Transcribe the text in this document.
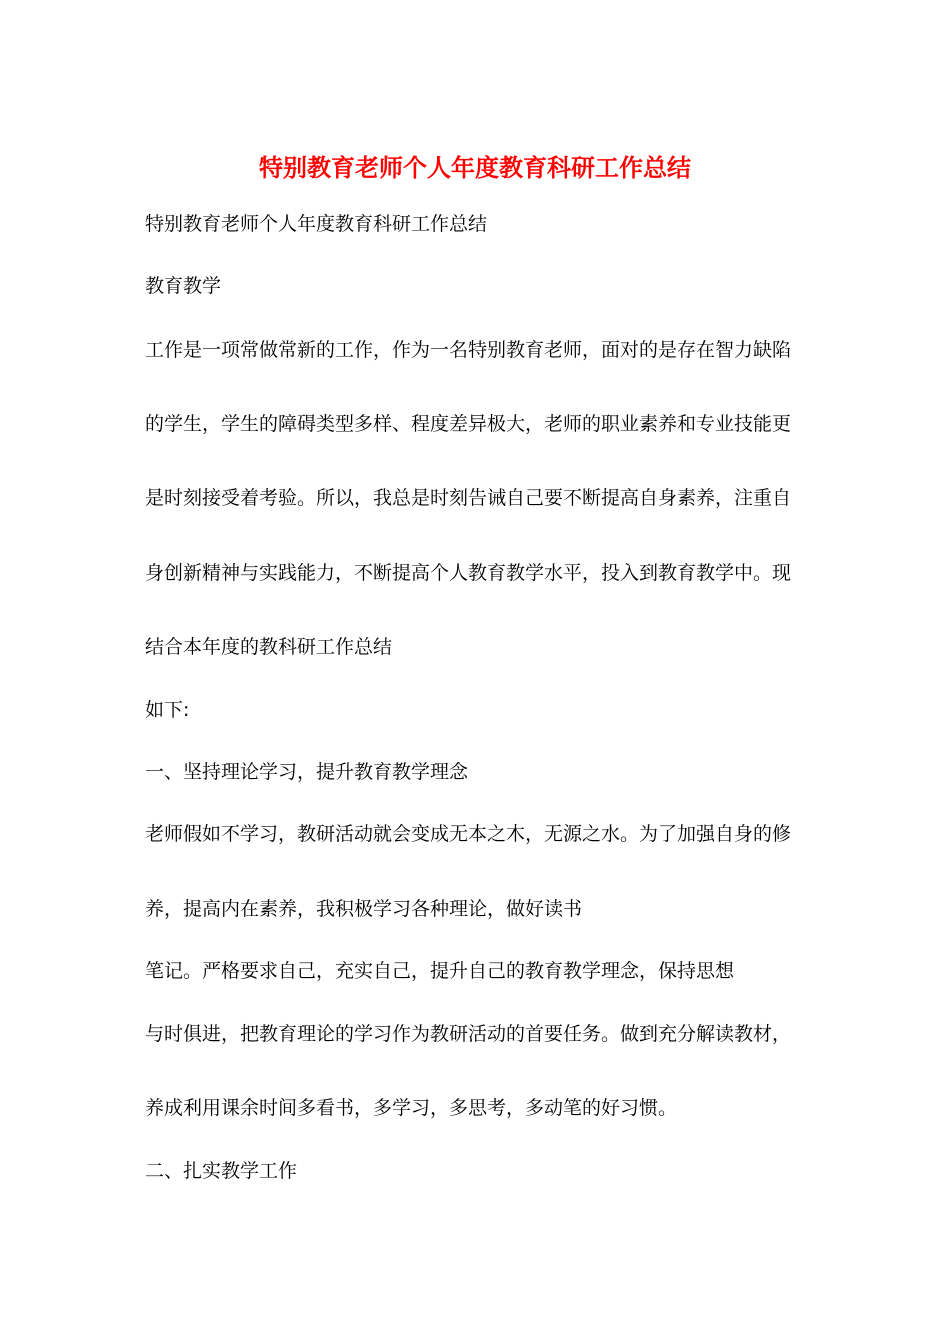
特别教育老师个人年度教育科研工作总结
特别教育老师个人年度教育科研工作总结
教育教学
工作是一项常做常新的工作，作为一名特别教育老师，面对的是存在智力缺陷
的学生，学生的障碍类型多样、程度差异极大，老师的职业素养和专业技能更
是时刻接受着考验。所以，我总是时刻告诫自己要不断提高自身素养，注重自
身创新精神与实践能力，不断提高个人教育教学水平，投入到教育教学中。现
结合本年度的教科研工作总结
如下:
一、坚持理论学习，提升教育教学理念
老师假如不学习，教研活动就会变成无本之木，无源之水。为了加强自身的修
养，提高内在素养，我积极学习各种理论，做好读书
笔记。严格要求自己，充实自己，提升自己的教育教学理念，保持思想
与时俱进，把教育理论的学习作为教研活动的首要任务。做到充分解读教材，
养成利用课余时间多看书，多学习，多思考，多动笔的好习惯。
二、扎实教学工作
